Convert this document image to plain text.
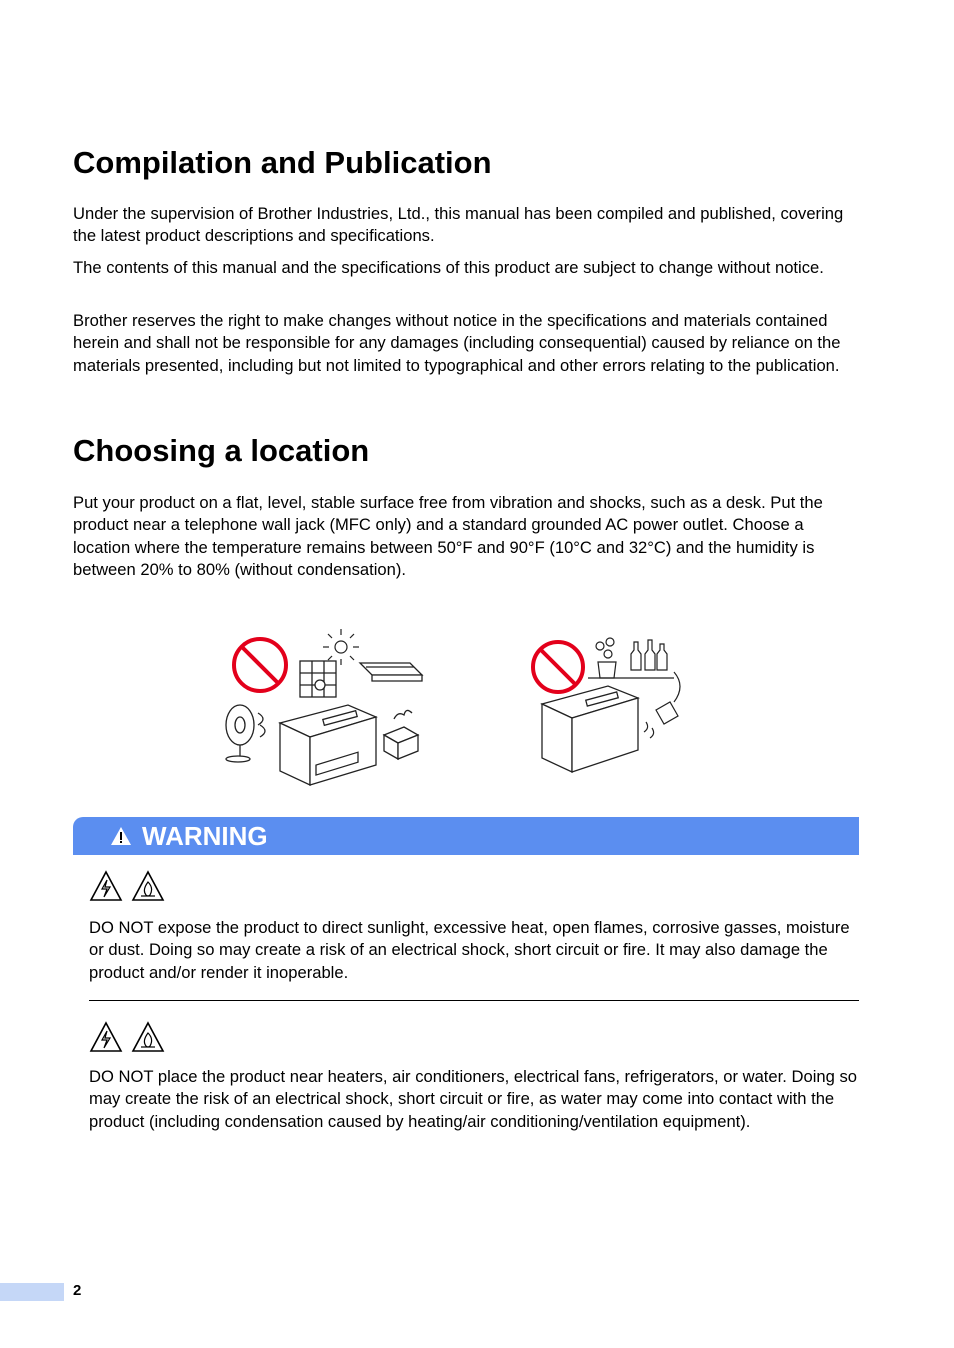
Compilation and Publication

Under the supervision of Brother Industries, Ltd., this manual has been compiled and published, covering the latest product descriptions and specifications.

The contents of this manual and the specifications of this product are subject to change without notice.

Brother reserves the right to make changes without notice in the specifications and materials contained herein and shall not be responsible for any damages (including consequential) caused by reliance on the materials presented, including but not limited to typographical and other errors relating to the publication.

Choosing a location

Put your product on a flat, level, stable surface free from vibration and shocks, such as a desk. Put the product near a telephone wall jack (MFC only) and a standard grounded AC power outlet. Choose a location where the temperature remains between 50°F and 90°F (10°C and 32°C) and the humidity is between 20% to 80% (without condensation).

WARNING

DO NOT expose the product to direct sunlight, excessive heat, open flames, corrosive gasses, moisture or dust. Doing so may create a risk of an electrical shock, short circuit or fire. It may also damage the product and/or render it inoperable.

DO NOT place the product near heaters, air conditioners, electrical fans, refrigerators, or water. Doing so may create the risk of an electrical shock, short circuit or fire, as water may come into contact with the product (including condensation caused by heating/air conditioning/ventilation equipment).

2
